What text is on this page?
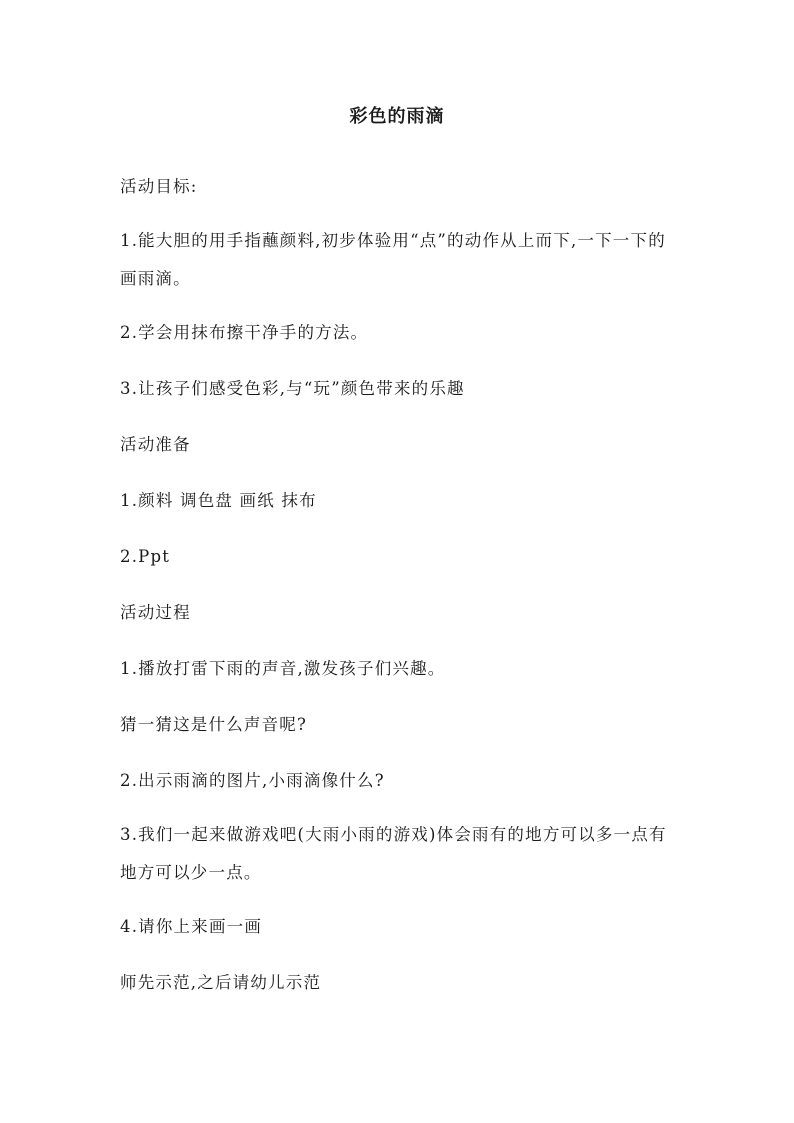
彩色的雨滴

活动目标:

1.能大胆的用手指蘸颜料,初步体验用“点”的动作从上而下,一下一下的画雨滴。

2.学会用抹布擦干净手的方法。

3.让孩子们感受色彩,与“玩”颜色带来的乐趣

活动准备

1.颜料 调色盘 画纸 抹布

2.Ppt

活动过程

1.播放打雷下雨的声音,激发孩子们兴趣。

猜一猜这是什么声音呢?

2.出示雨滴的图片,小雨滴像什么?

3.我们一起来做游戏吧(大雨小雨的游戏)体会雨有的地方可以多一点有地方可以少一点。

4.请你上来画一画

师先示范,之后请幼儿示范
